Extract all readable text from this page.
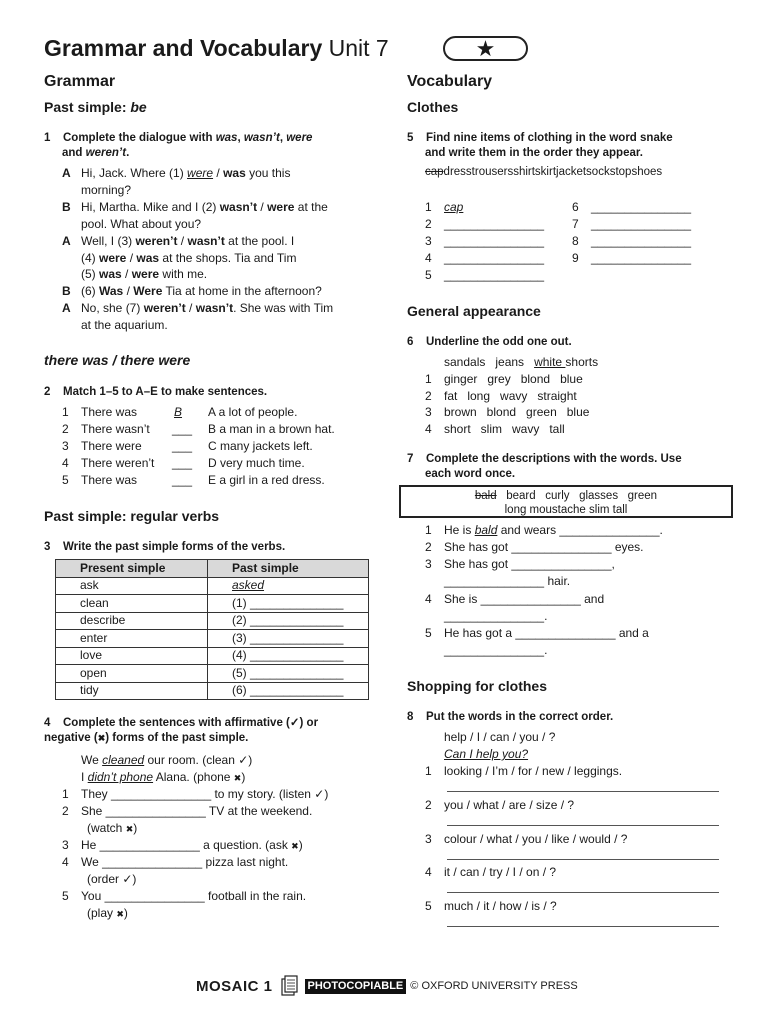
Grammar and Vocabulary Unit 7	★
Grammar
Past simple: be
1 Complete the dialogue with was, wasn’t, were
and weren’t.
A Hi, Jack. Where (1) were / was you this
morning?
B Hi, Martha. Mike and I (2) wasn’t / were at the
pool. What about you?
A Well, I (3) weren’t / wasn’t at the pool. I
(4) were / was at the shops. Tia and Tim
(5) was / were with me.
B (6) Was / Were Tia at home in the afternoon?
A No, she (7) weren’t / wasn’t. She was with Tim
at the aquarium.
there was / there were
2 Match 1–5 to A–E to make sentences.
1	There was	B A a lot of people.
2	There wasn’t ___ B a man in a brown hat.
3	There were	___ C many jackets left.
4	There weren’t ___ D very much time.
5	There was	___ E a girl in a red dress.
Past simple: regular verbs
3 Write the past simple forms of the verbs.
Present simple	Past simple
ask	asked
clean	(1) ______________
describe	(2) ______________
enter	(3) ______________
love	(4) ______________
open	(5) ______________
tidy	(6) ______________
4 Complete the sentences with affirmative (✓) or
negative (✖) forms of the past simple.
We cleaned our room. (clean ✓)
I didn’t phone Alana. (phone ✖)
1 They _______________ to my story. (listen ✓)
2 She _______________ TV at the weekend.
(watch ✖)
3 He _______________ a question. (ask ✖)
4 We _______________ pizza last night.
(order ✓)
5 You _______________ football in the rain.
(play ✖)
Vocabulary
Clothes
5 Find nine items of clothing in the word snake
and write them in the order they appear.
capdresstrousersshirtskirtjacketsockstopshoes
1 cap
2 _______________
3 _______________
4 _______________
5 _______________
6 _______________
7 _______________
8 _______________
9 _______________
General appearance
6 Underline the odd one out.
sandals   jeans   white shorts
1 ginger   grey   blond   blue
2 fat   long   wavy   straight
3 brown   blond   green   blue
4 short   slim   wavy   tall
7 Complete the descriptions with the words. Use
each word once.
bald   beard   curly   glasses   green
long moustache slim tall
1 He is bald and wears _______________.
2 She has got _______________ eyes.
3 She has got _______________,
_______________ hair.
4 She is _______________ and
_______________.
5 He has got a _______________ and a
_______________.
Shopping for clothes
8 Put the words in the correct order.
help / I / can / you / ?
Can I help you?
1 looking / I’m / for / new / leggings.
2 you / what / are / size / ?
3 colour / what / you / like / would / ?
4 it / can / try / I / on / ?
5 much / it / how / is / ?
MOSAIC 1	PHOTOCOPIABLE © OXFORD UNIVERSITY PRESS
